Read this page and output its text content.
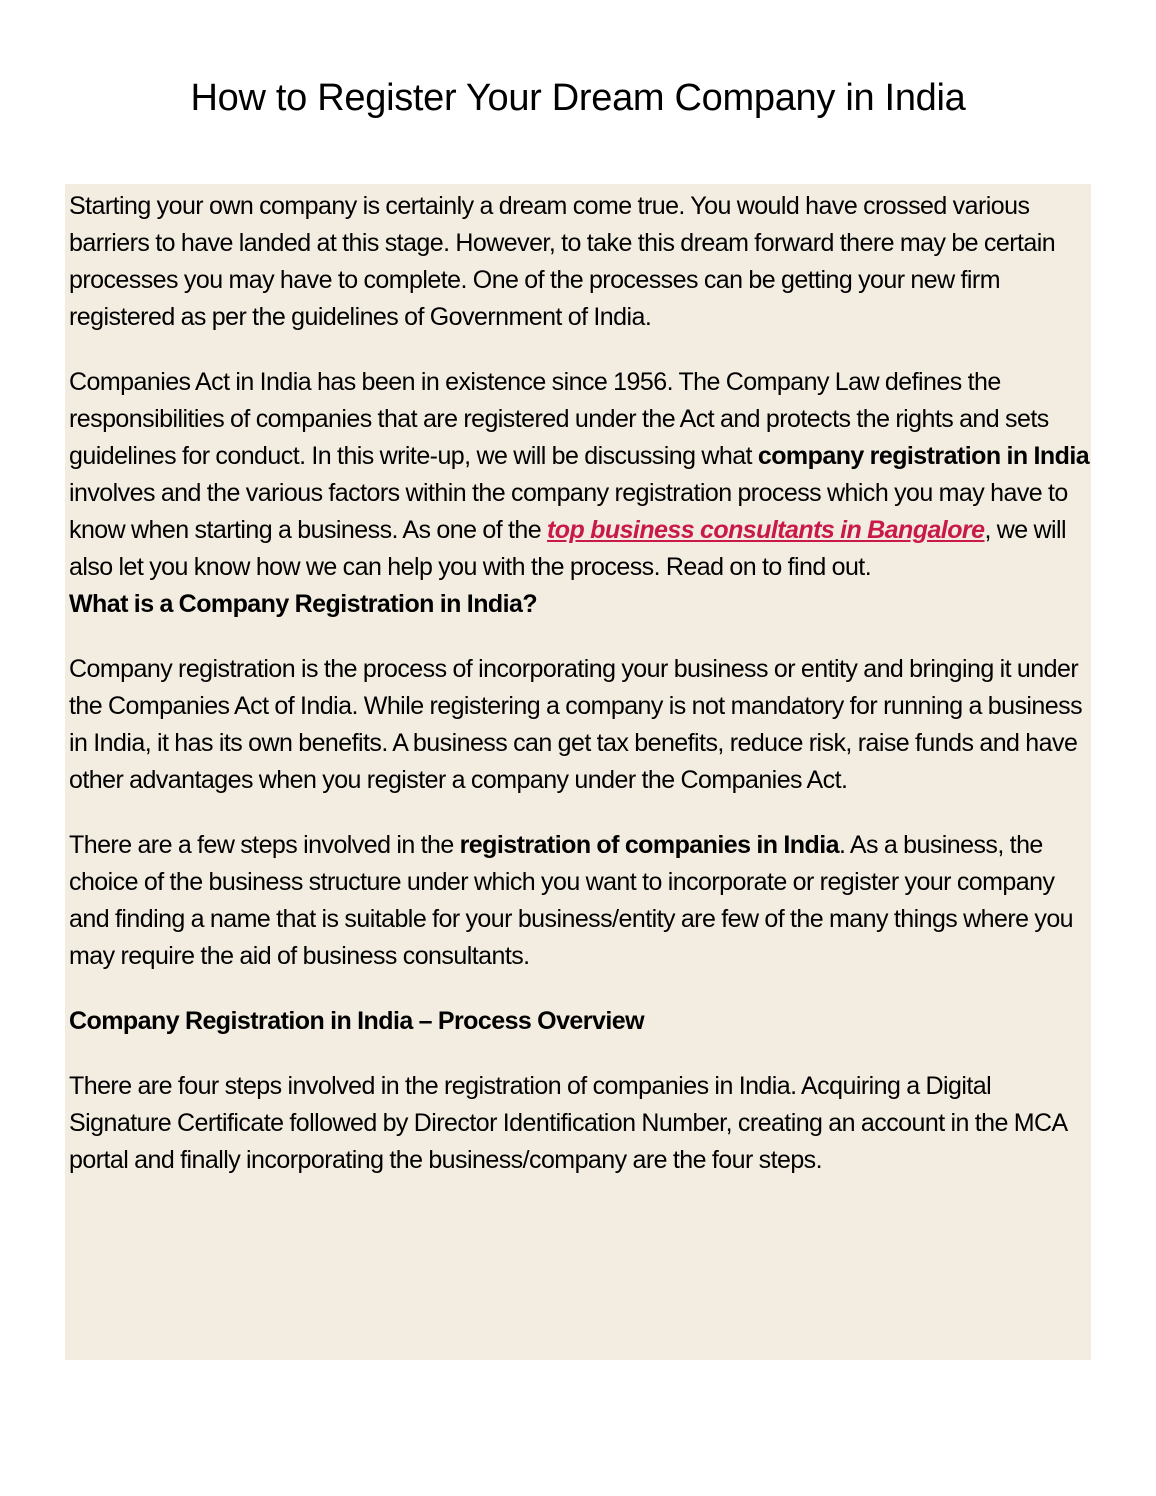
How to Register Your Dream Company in India

Starting your own company is certainly a dream come true. You would have crossed various barriers to have landed at this stage. However, to take this dream forward there may be certain processes you may have to complete. One of the processes can be getting your new firm registered as per the guidelines of Government of India.

Companies Act in India has been in existence since 1956. The Company Law defines the responsibilities of companies that are registered under the Act and protects the rights and sets guidelines for conduct. In this write-up, we will be discussing what company registration in India involves and the various factors within the company registration process which you may have to know when starting a business. As one of the top business consultants in Bangalore, we will also let you know how we can help you with the process. Read on to find out.

What is a Company Registration in India?

Company registration is the process of incorporating your business or entity and bringing it under the Companies Act of India. While registering a company is not mandatory for running a business in India, it has its own benefits. A business can get tax benefits, reduce risk, raise funds and have other advantages when you register a company under the Companies Act.

There are a few steps involved in the registration of companies in India. As a business, the choice of the business structure under which you want to incorporate or register your company and finding a name that is suitable for your business/entity are few of the many things where you may require the aid of business consultants.

Company Registration in India – Process Overview

There are four steps involved in the registration of companies in India. Acquiring a Digital Signature Certificate followed by Director Identification Number, creating an account in the MCA portal and finally incorporating the business/company are the four steps.
